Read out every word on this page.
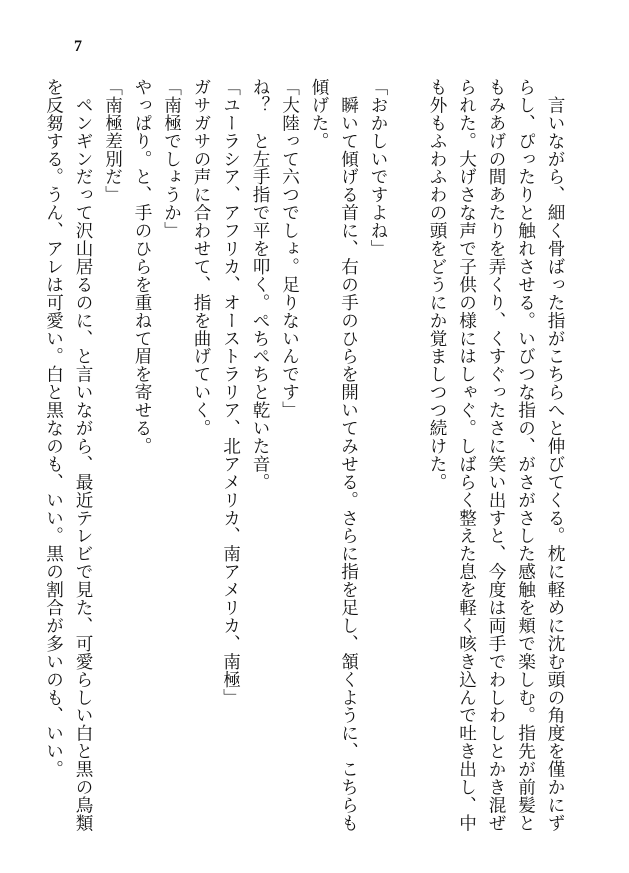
7
　言いながら、細く骨ばった指がこちらへと伸びてくる。枕に軽めに沈む頭の角度を僅かにず
らし、ぴったりと触れさせる。いびつな指の、がさがさした感触を頬で楽しむ。指先が前髪と
もみあげの間あたりを弄くり、くすぐったさに笑い出すと、今度は両手でわしわしとかき混ぜ
られた。大げさな声で子供の様にはしゃぐ。しばらく整えた息を軽く咳き込んで吐き出し、中
も外もふわふわの頭をどうにか覚ましつつ続けた。

「おかしいですよね」
　瞬いて傾げる首に、右の手のひらを開いてみせる。さらに指を足し、頷くように、こちらも
傾げた。
「大陸って六つでしょ。足りないんです」
ね？　と左手指で平を叩く。ぺちぺちと乾いた音。
「ユーラシア、アフリカ、オーストラリア、北アメリカ、南アメリカ、南極」
ガサガサの声に合わせて、指を曲げていく。
「南極でしょうか」
やっぱり。と、手のひらを重ねて眉を寄せる。
「南極差別だ」
　ペンギンだって沢山居るのに、と言いながら、最近テレビで見た、可愛らしい白と黒の鳥類
を反芻する。うん、アレは可愛い。白と黒なのも、いい。黒の割合が多いのも、いい。
